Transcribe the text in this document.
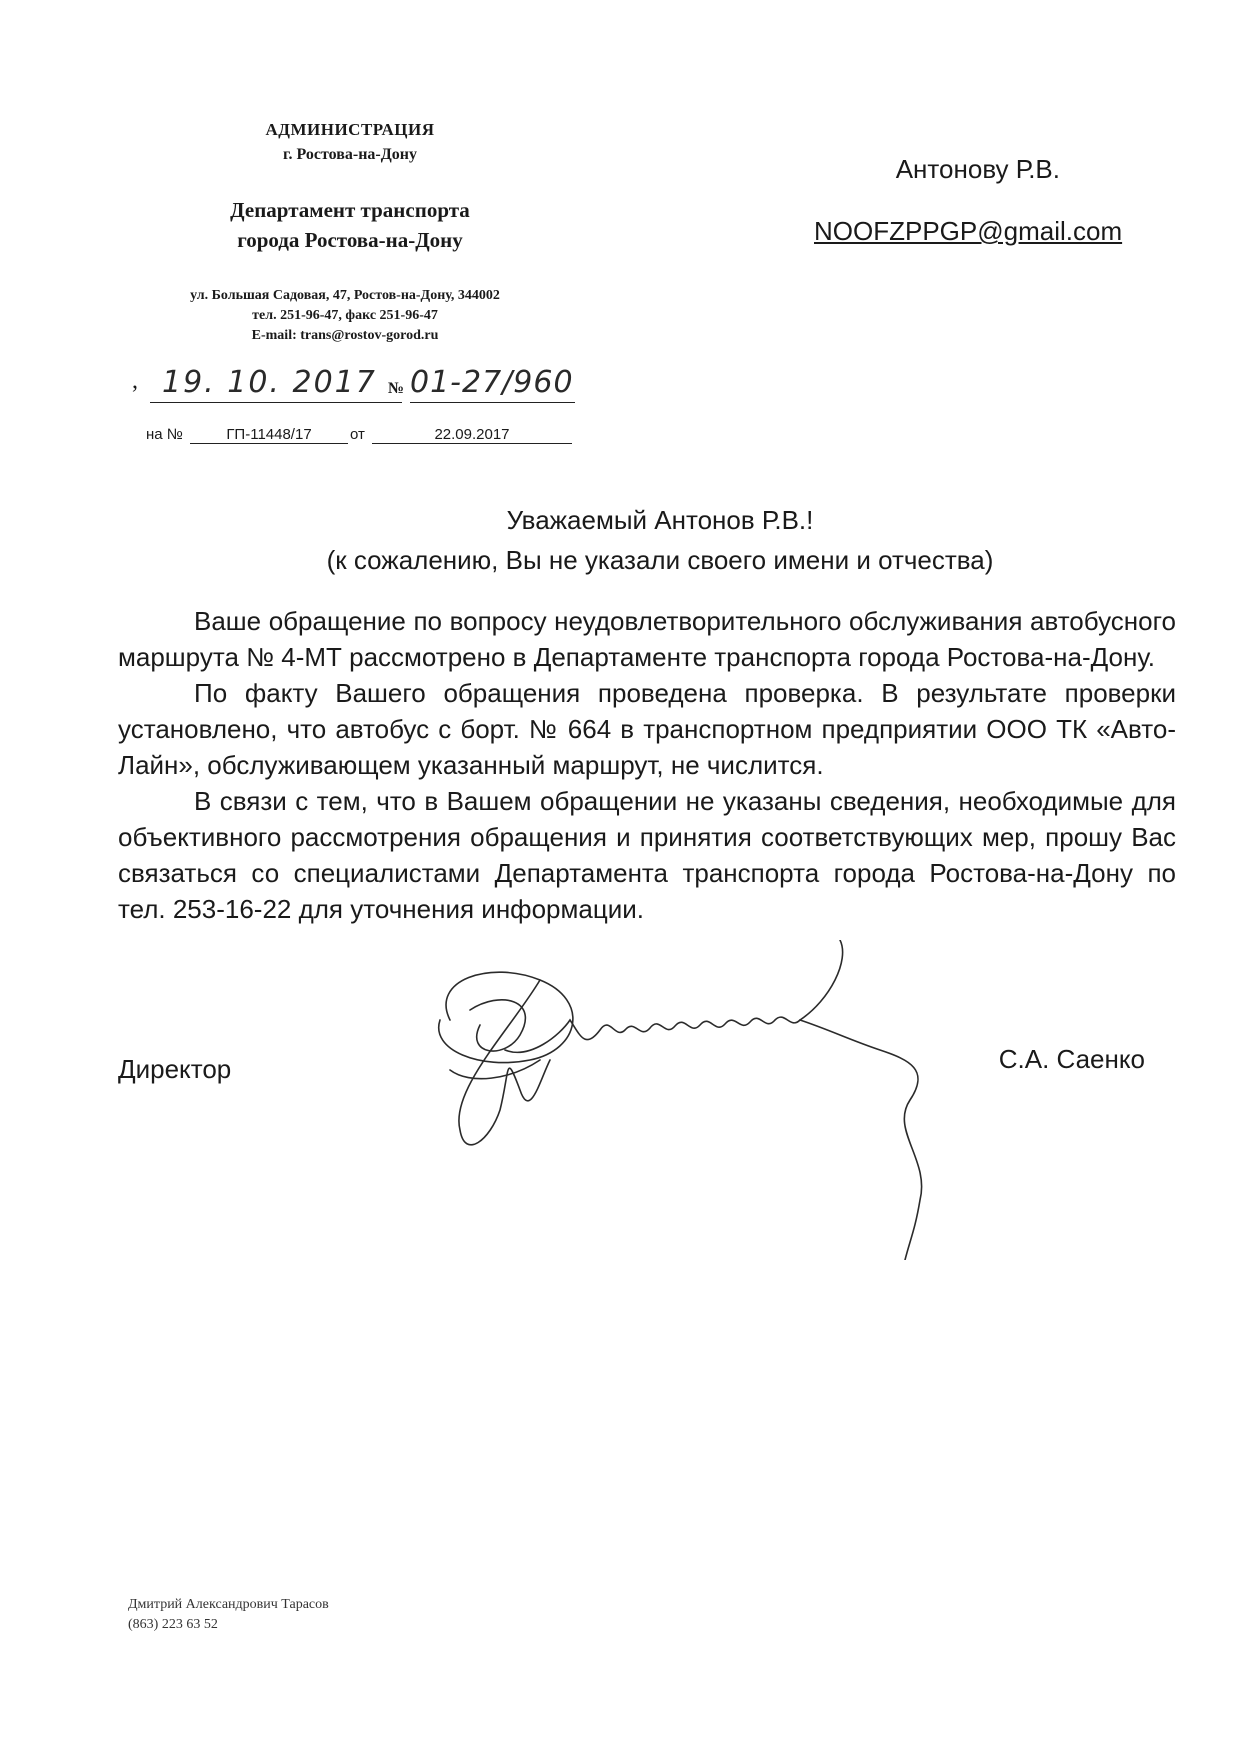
АДМИНИСТРАЦИЯ
г. Ростова-на-Дону
Департамент транспорта
города Ростова-на-Дону
ул. Большая Садовая, 47, Ростов-на-Дону, 344002
тел. 251-96-47, факс 251-96-47
E-mail: trans@rostov-gorod.ru
, 19. 10. 2017 № 01-27/960
на №	ГП-11448/17	от	22.09.2017
Антонову Р.В.
NOOFZPPGP@gmail.com
Уважаемый Антонов Р.В.!
(к сожалению, Вы не указали своего имени и отчества)

Ваше обращение по вопросу неудовлетворительного обслуживания автобусного маршрута № 4-МТ рассмотрено в Департаменте транспорта города Ростова-на-Дону.

По факту Вашего обращения проведена проверка. В результате проверки установлено, что автобус с борт. № 664 в транспортном предприятии ООО ТК «Авто-Лайн», обслуживающем указанный маршрут, не числится.

В связи с тем, что в Вашем обращении не указаны сведения, необходимые для объективного рассмотрения обращения и принятия соответствующих мер, прошу Вас связаться со специалистами Департамента транспорта города Ростова-на-Дону по тел. 253-16-22 для уточнения информации.

Директор	С.А. Саенко
Дмитрий Александрович Тарасов
(863) 223 63 52
